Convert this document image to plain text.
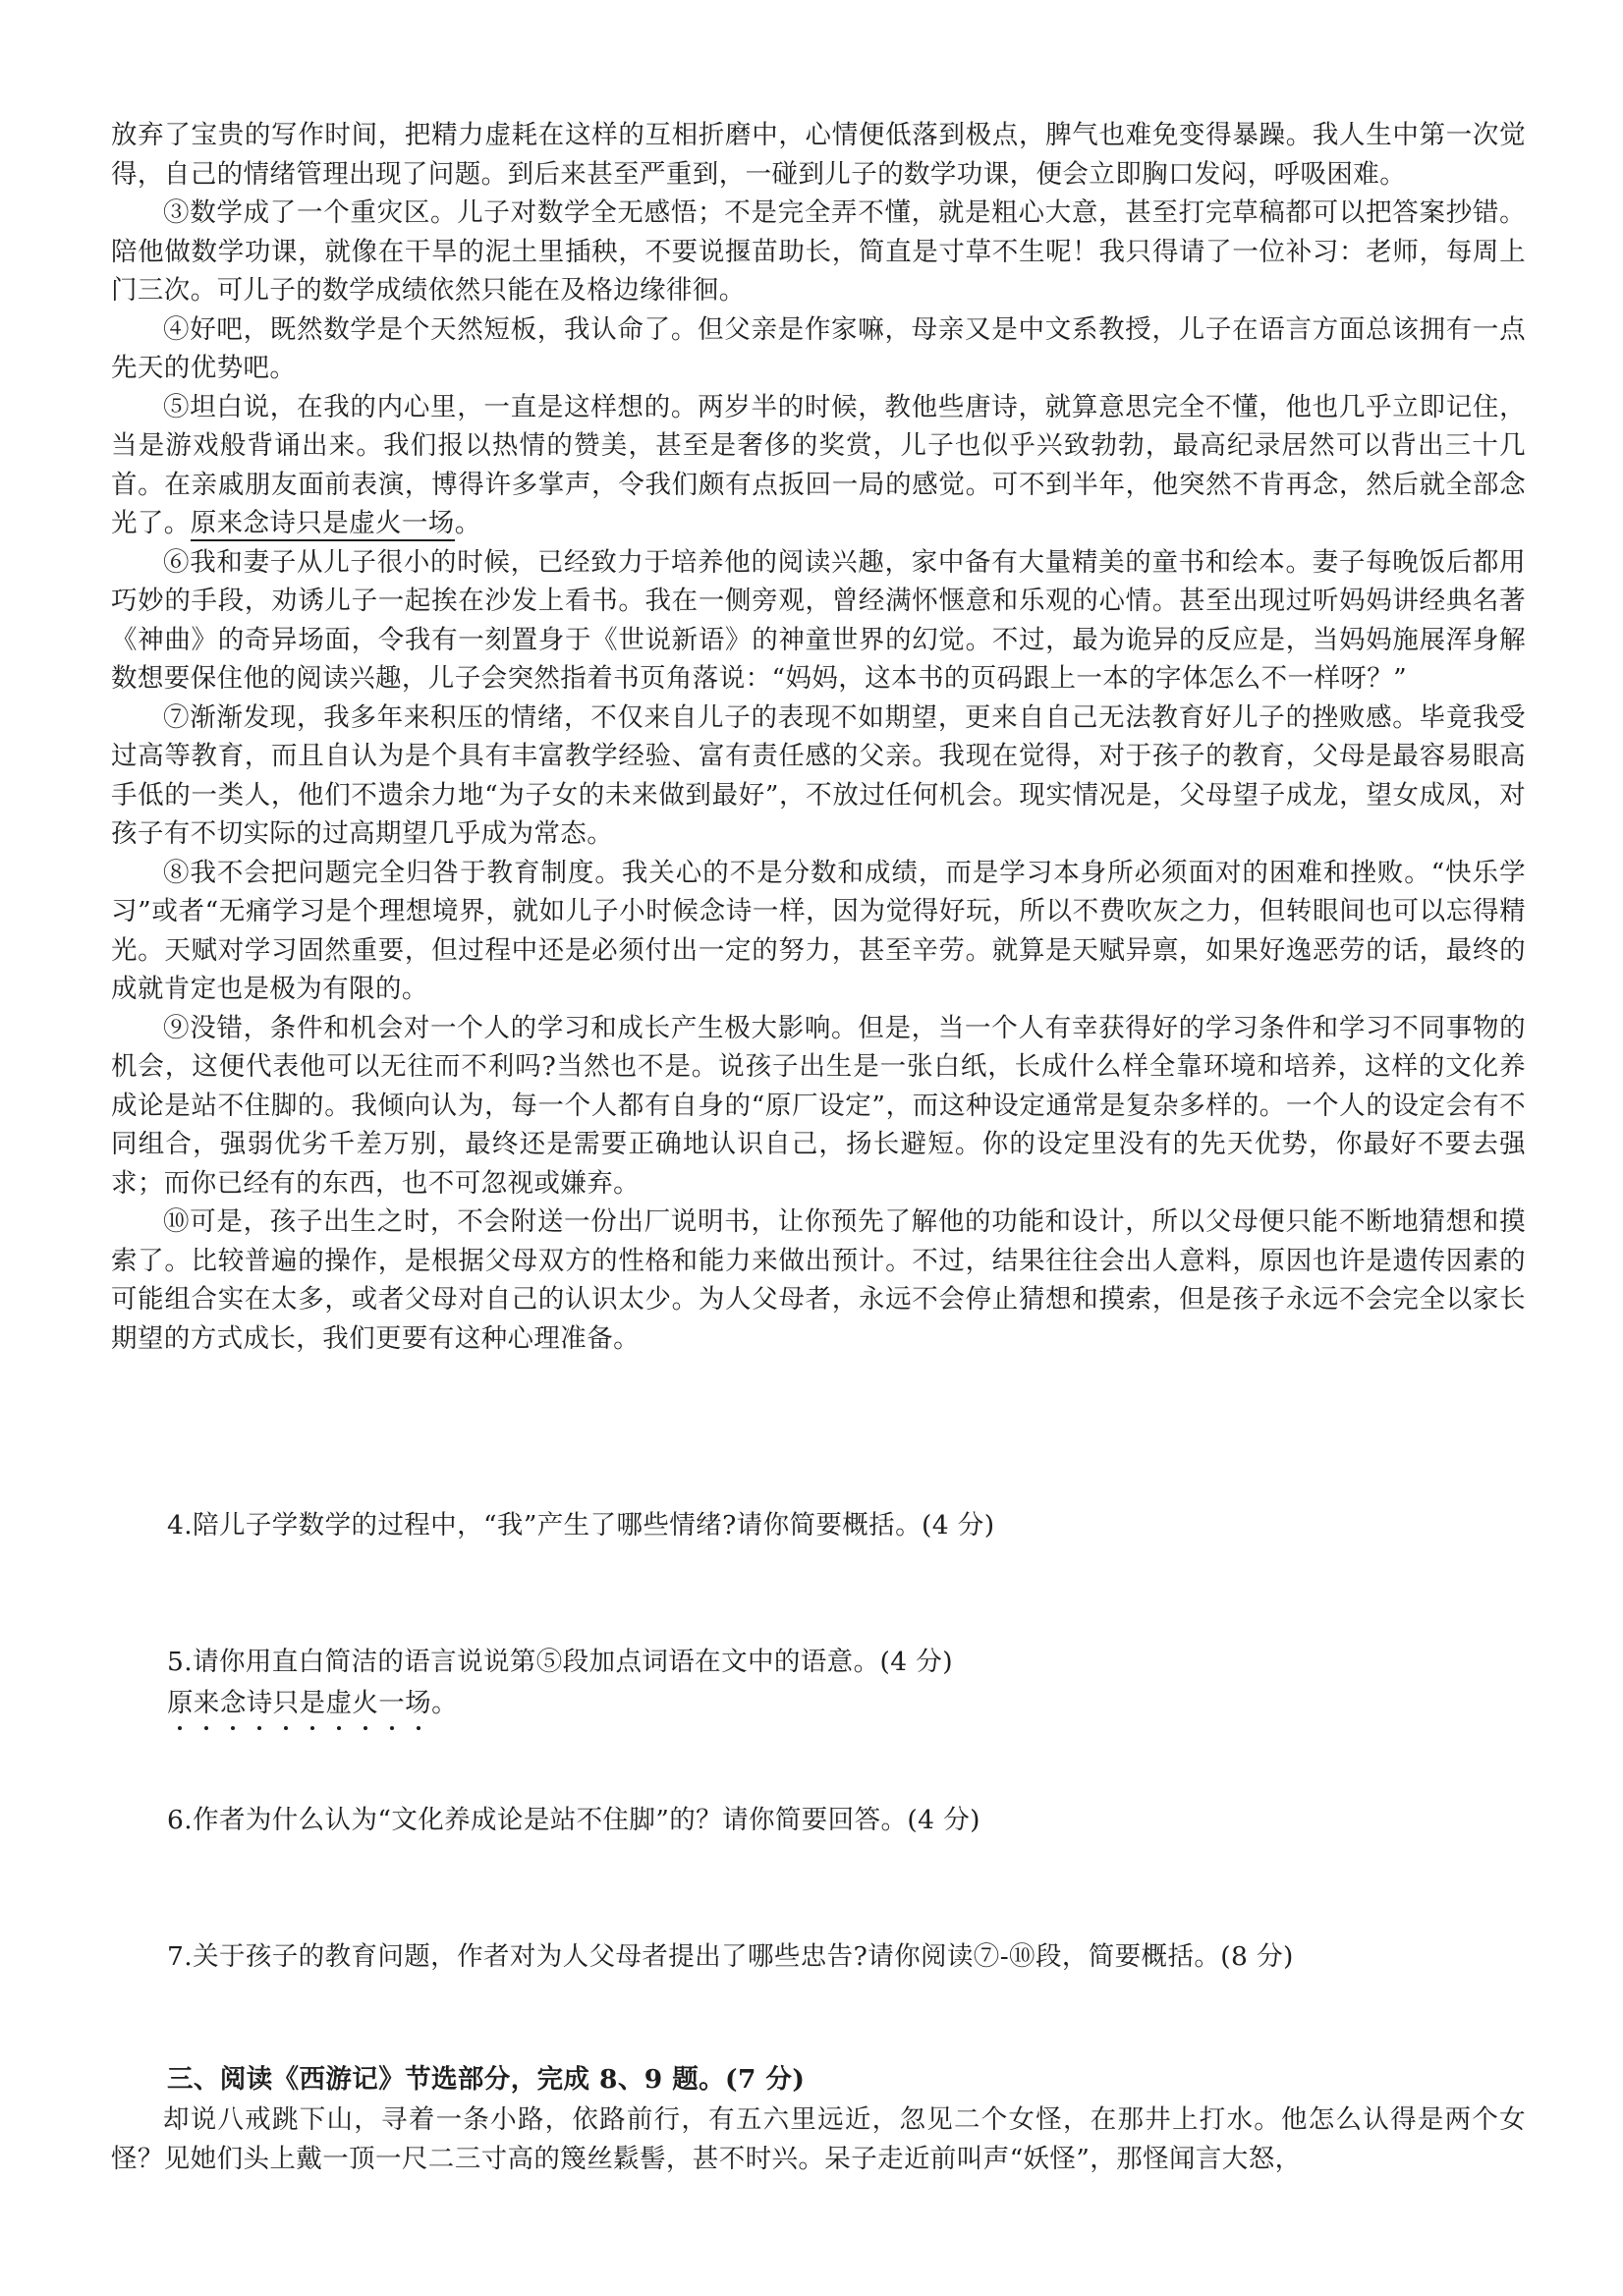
放弃了宝贵的写作时间，把精力虚耗在这样的互相折磨中，心情便低落到极点，脾气也难免变得暴躁。我人生中第一次觉得，自己的情绪管理出现了问题。到后来甚至严重到，一碰到儿子的数学功课，便会立即胸口发闷，呼吸困难。

③数学成了一个重灾区。儿子对数学全无感悟；不是完全弄不懂，就是粗心大意，甚至打完草稿都可以把答案抄错。陪他做数学功课，就像在干旱的泥土里插秧，不要说揠苗助长，简直是寸草不生呢！我只得请了一位补习：老师，每周上门三次。可儿子的数学成绩依然只能在及格边缘徘徊。

④好吧，既然数学是个天然短板，我认命了。但父亲是作家嘛，母亲又是中文系教授，儿子在语言方面总该拥有一点先天的优势吧。

⑤坦白说，在我的内心里，一直是这样想的。两岁半的时候，教他些唐诗，就算意思完全不懂，他也几乎立即记住，当是游戏般背诵出来。我们报以热情的赞美，甚至是奢侈的奖赏，儿子也似乎兴致勃勃，最高纪录居然可以背出三十几首。在亲戚朋友面前表演，博得许多掌声，令我们颇有点扳回一局的感觉。可不到半年，他突然不肯再念，然后就全部念光了。原来念诗只是虚火一场。

⑥我和妻子从儿子很小的时候，已经致力于培养他的阅读兴趣，家中备有大量精美的童书和绘本。妻子每晚饭后都用巧妙的手段，劝诱儿子一起挨在沙发上看书。我在一侧旁观，曾经满怀惬意和乐观的心情。甚至出现过听妈妈讲经典名著《神曲》的奇异场面，令我有一刻置身于《世说新语》的神童世界的幻觉。不过，最为诡异的反应是，当妈妈施展浑身解数想要保住他的阅读兴趣，儿子会突然指着书页角落说：“妈妈，这本书的页码跟上一本的字体怎么不一样呀？”

⑦渐渐发现，我多年来积压的情绪，不仅来自儿子的表现不如期望，更来自自己无法教育好儿子的挫败感。毕竟我受过高等教育，而且自认为是个具有丰富教学经验、富有责任感的父亲。我现在觉得，对于孩子的教育，父母是最容易眼高手低的一类人，他们不遗余力地“为子女的未来做到最好”，不放过任何机会。现实情况是，父母望子成龙，望女成凤，对孩子有不切实际的过高期望几乎成为常态。

⑧我不会把问题完全归咎于教育制度。我关心的不是分数和成绩，而是学习本身所必须面对的困难和挫败。“快乐学习”或者“无痛学习是个理想境界，就如儿子小时候念诗一样，因为觉得好玩，所以不费吹灰之力，但转眼间也可以忘得精光。天赋对学习固然重要，但过程中还是必须付出一定的努力，甚至辛劳。就算是天赋异禀，如果好逸恶劳的话，最终的成就肯定也是极为有限的。

⑨没错，条件和机会对一个人的学习和成长产生极大影响。但是，当一个人有幸获得好的学习条件和学习不同事物的机会，这便代表他可以无往而不利吗?当然也不是。说孩子出生是一张白纸，长成什么样全靠环境和培养，这样的文化养成论是站不住脚的。我倾向认为，每一个人都有自身的“原厂设定”，而这种设定通常是复杂多样的。一个人的设定会有不同组合，强弱优劣千差万别，最终还是需要正确地认识自己，扬长避短。你的设定里没有的先天优势，你最好不要去强求；而你已经有的东西，也不可忽视或嫌弃。

⑩可是，孩子出生之时，不会附送一份出厂说明书，让你预先了解他的功能和设计，所以父母便只能不断地猜想和摸索了。比较普遍的操作，是根据父母双方的性格和能力来做出预计。不过，结果往往会出人意料，原因也许是遗传因素的可能组合实在太多，或者父母对自己的认识太少。为人父母者，永远不会停止猜想和摸索，但是孩子永远不会完全以家长期望的方式成长，我们更要有这种心理准备。

4.陪儿子学数学的过程中，“我”产生了哪些情绪?请你简要概括。(4 分)

5.请你用直白简洁的语言说说第⑤段加点词语在文中的语意。(4 分)

原来念诗只是虚火一场。

6.作者为什么认为“文化养成论是站不住脚”的？请你简要回答。(4 分)

7.关于孩子的教育问题，作者对为人父母者提出了哪些忠告?请你阅读⑦-⑩段，简要概括。(8 分)

三、阅读《西游记》节选部分，完成 8、9 题。(7 分)

却说八戒跳下山，寻着一条小路，依路前行，有五六里远近，忽见二个女怪，在那井上打水。他怎么认得是两个女怪？见她们头上戴一顶一尺二三寸高的篾丝鬏髻，甚不时兴。呆子走近前叫声“妖怪”，那怪闻言大怒，
